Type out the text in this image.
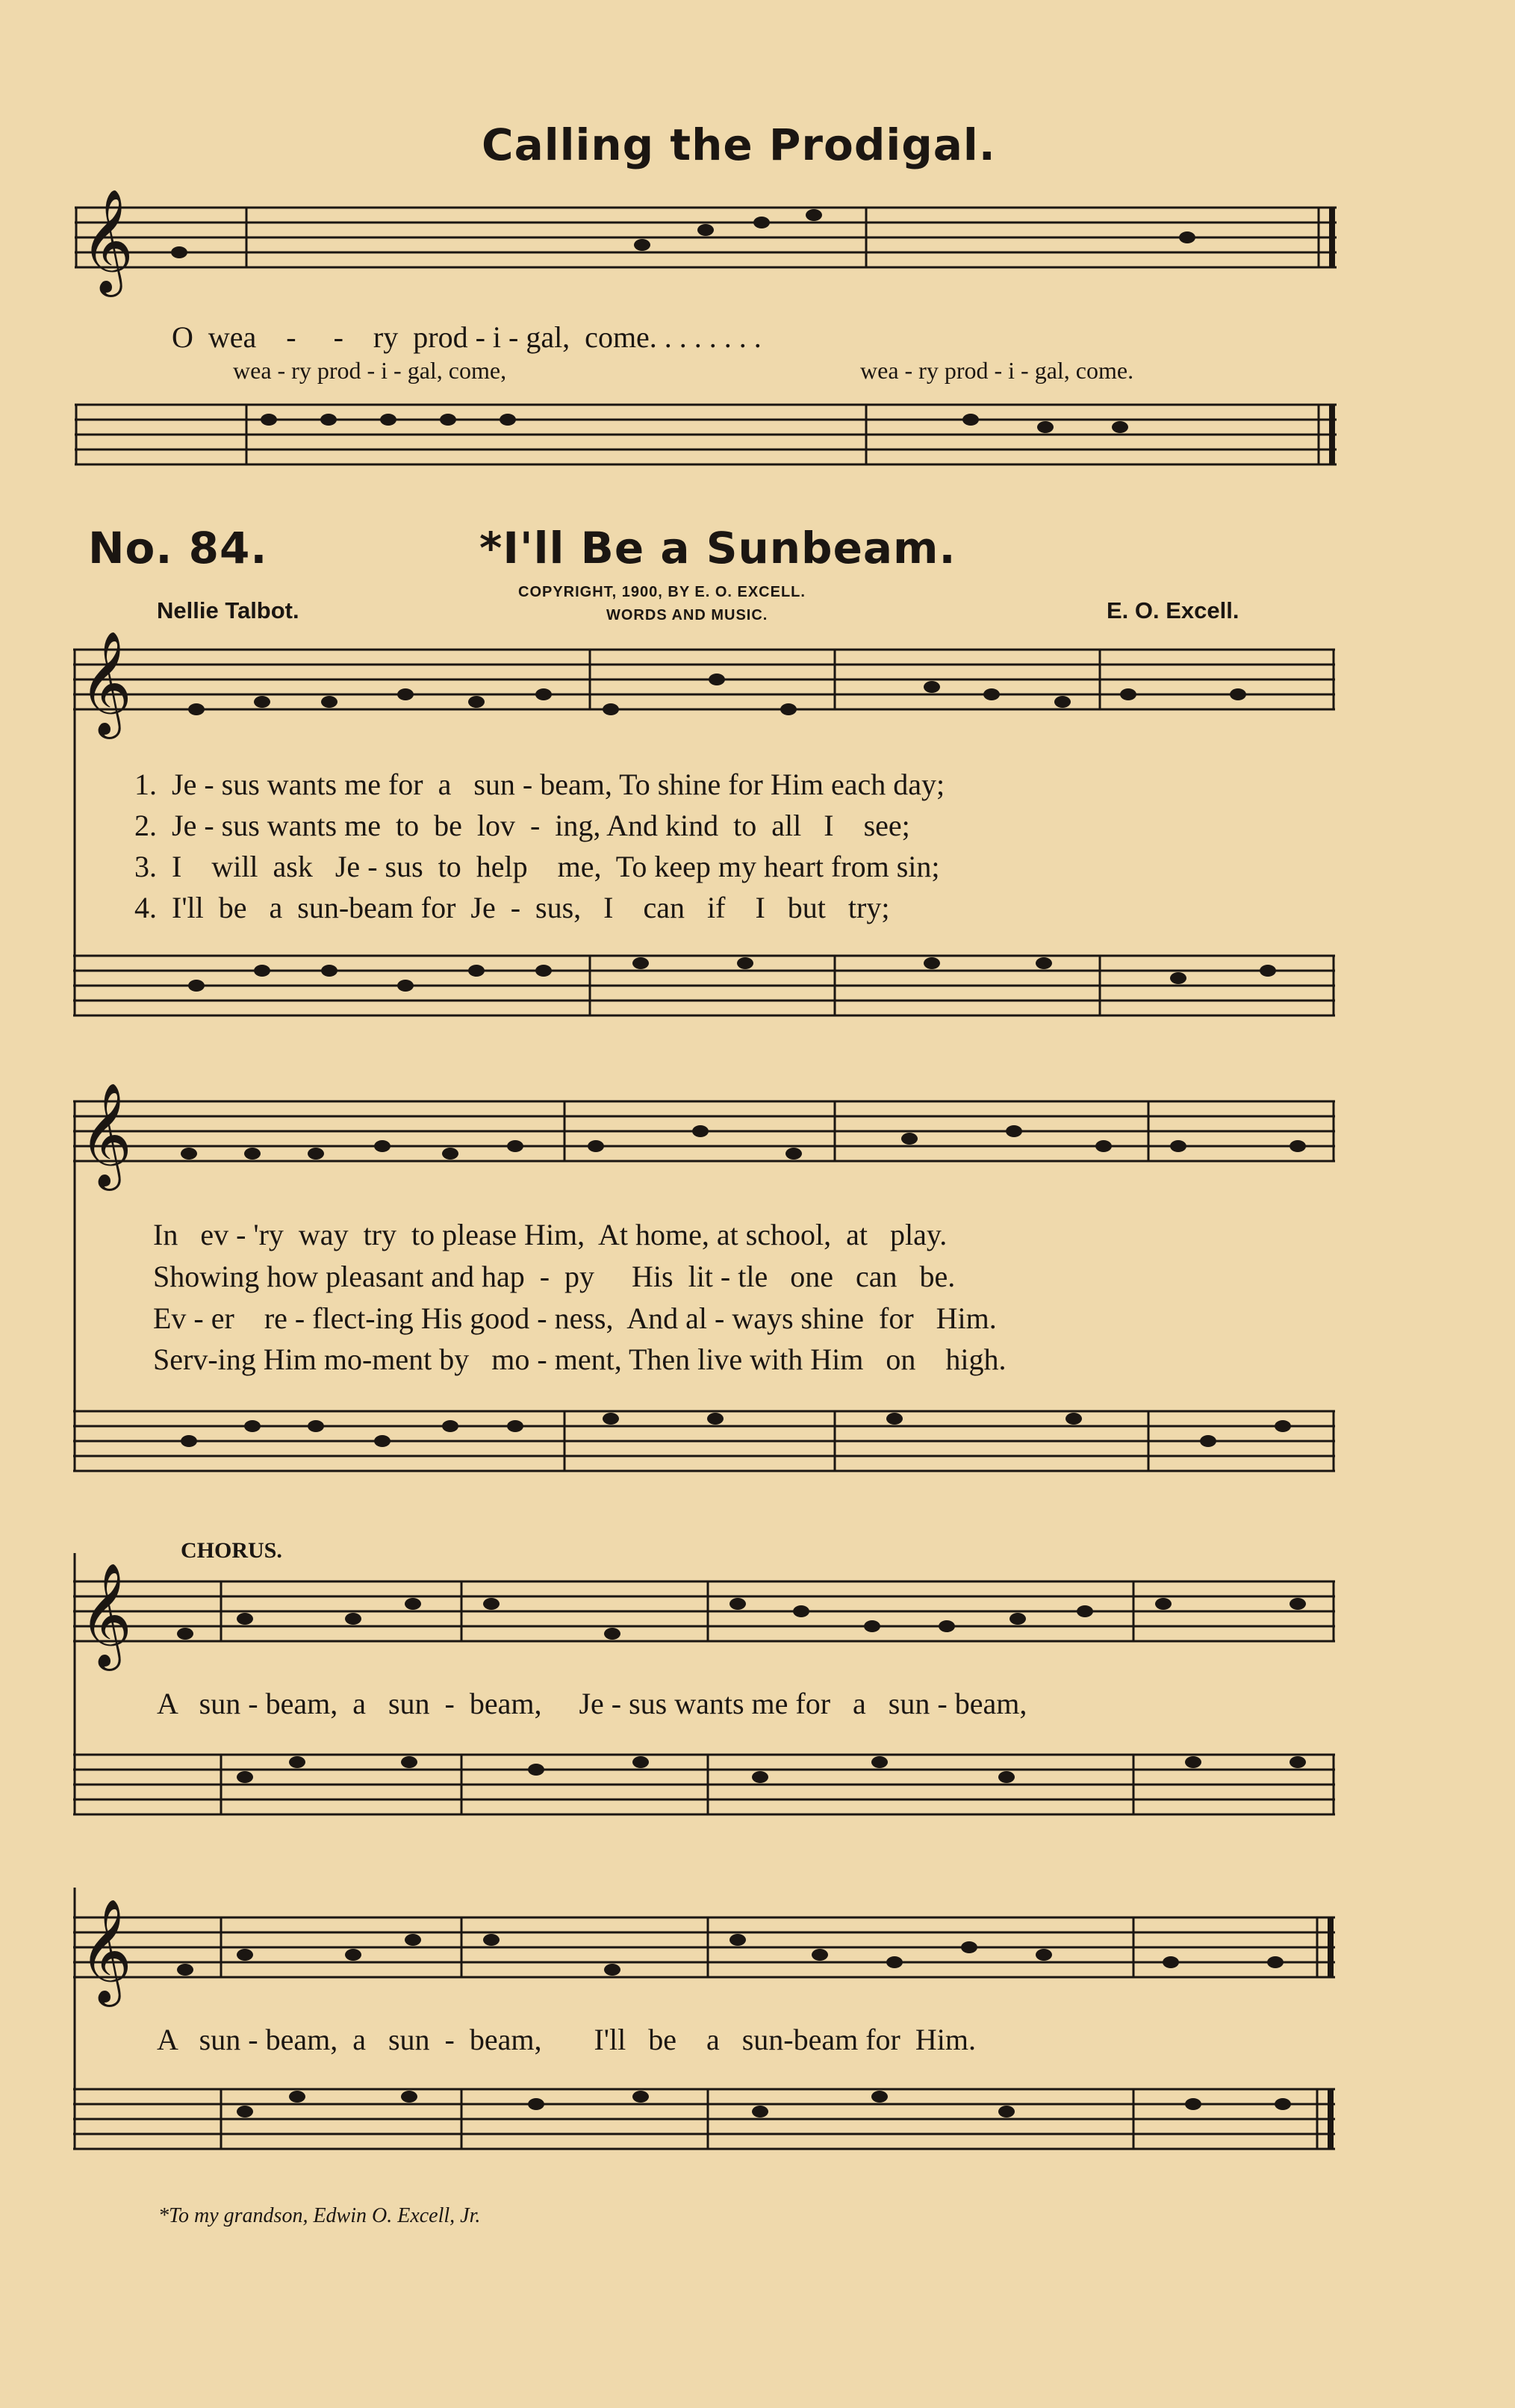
Calling the Prodigal.
𝄞
O  wea    -     -    ry  prod - i - gal,  come. . . . . . . .
wea - ry prod - i - gal, come,	wea - ry prod - i - gal, come.
No. 84.	*I'll Be a Sunbeam.
Nellie Talbot.
COPYRIGHT, 1900, BY E. O. EXCELL.
WORDS AND MUSIC.	E. O. Excell.
𝄞
1.  Je - sus wants me for  a   sun - beam, To shine for Him each day;
2.  Je - sus wants me  to  be  lov  -  ing, And kind  to  all   I    see;
3.  I    will  ask   Je - sus  to  help    me,  To keep my heart from sin;
4.  I'll  be   a  sun-beam for  Je  -  sus,   I    can   if    I   but   try;
𝄞
In   ev - 'ry  way  try  to please Him,  At home, at school,  at   play.
Showing how pleasant and hap  -  py     His  lit - tle   one   can   be.
Ev - er    re - flect-ing His good - ness,  And al - ways shine  for   Him.
Serv-ing Him mo-ment by   mo - ment, Then live with Him   on    high.
CHORUS.
𝄞
A   sun - beam,  a   sun  -  beam,     Je - sus wants me for   a   sun - beam,
𝄞
A   sun - beam,  a   sun  -  beam,       I'll   be    a   sun-beam for  Him.
*To my grandson, Edwin O. Excell, Jr.
